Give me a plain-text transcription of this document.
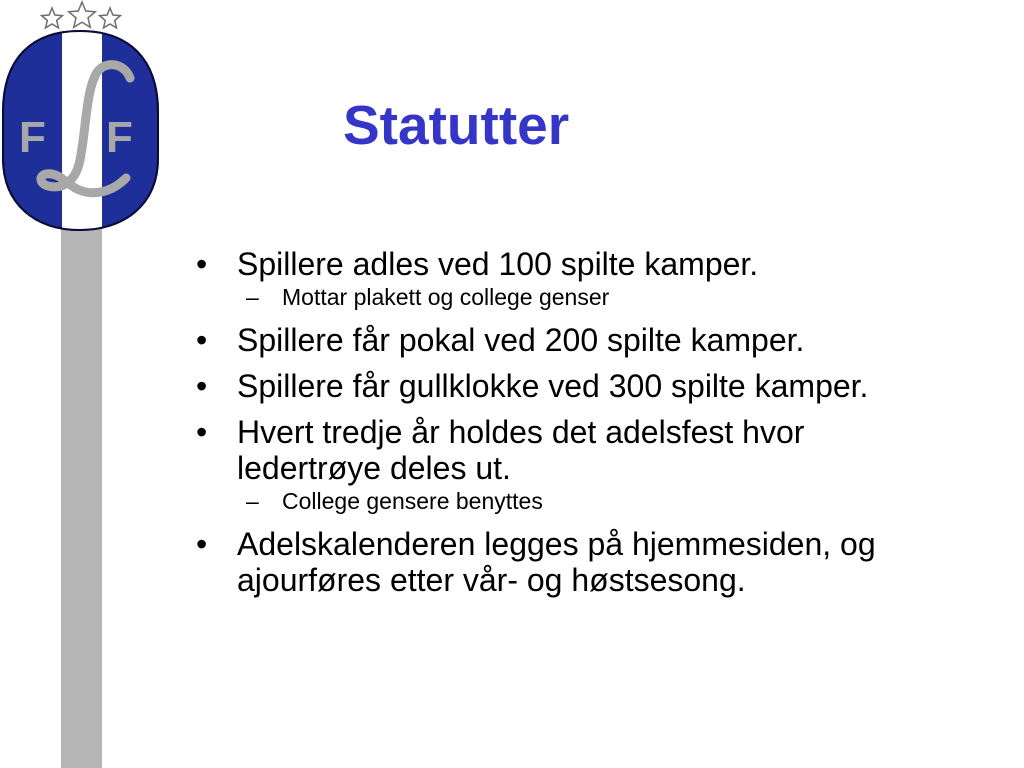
F F	Statutter
• Spillere adles ved 100 spilte kamper.
– Mottar plakett og college genser
• Spillere får pokal ved 200 spilte kamper.
• Spillere får gullklokke ved 300 spilte kamper.
• Hvert tredje år holdes det adelsfest hvor ledertrøye deles ut.
– College gensere benyttes
• Adelskalenderen legges på hjemmesiden, og ajourføres etter vår- og høstsesong.
